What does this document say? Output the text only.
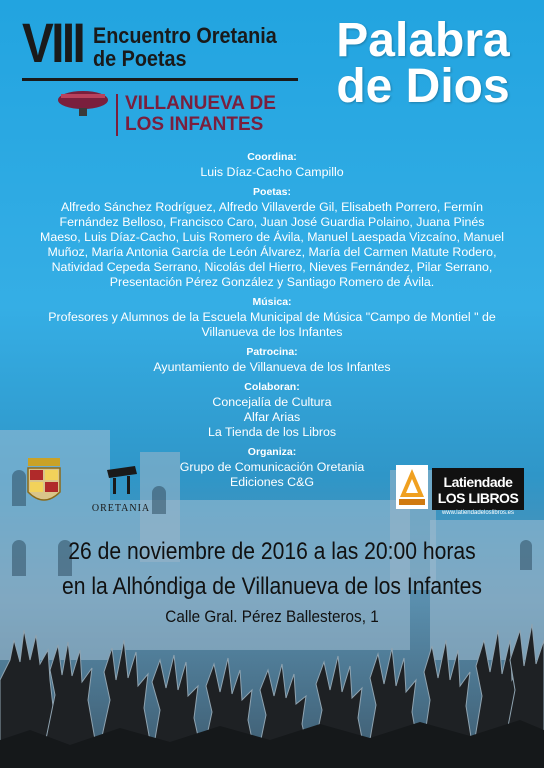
VIII Encuentro Oretania
de Poetas	Palabra
de Dios
VILLANUEVA DE
LOS INFANTES
Coordina:
Luis Díaz-Cacho Campillo
Poetas:
Alfredo Sánchez Rodríguez, Alfredo Villaverde Gil, Elisabeth Porrero, Fermín Fernández Belloso, Francisco Caro, Juan José Guardia Polaino, Juana Pinés Maeso, Luis Díaz-Cacho, Luis Romero de Ávila, Manuel Laespada Vizcaíno, Manuel Muñoz, María Antonia García de León Álvarez, María del Carmen Matute Rodero, Natividad Cepeda Serrano, Nicolás del Hierro, Nieves Fernández, Pilar Serrano, Presentación Pérez González y Santiago Romero de Ávila.
Música:
Profesores y Alumnos de la Escuela Municipal de Música "Campo de Montiel " de Villanueva de los Infantes
Patrocina:
Ayuntamiento de Villanueva de los Infantes
Colaboran:
Concejalía de Cultura
Alfar Arias
La Tienda de los Libros
Organiza:
Grupo de Comunicación Oretania
Ediciones C&G
ORETANIA
Latiendade LOS LIBROS
www.latiendadeloslibros.es
26 de noviembre de 2016 a las 20:00 horas
en la Alhóndiga de Villanueva de los Infantes
Calle Gral. Pérez Ballesteros, 1
